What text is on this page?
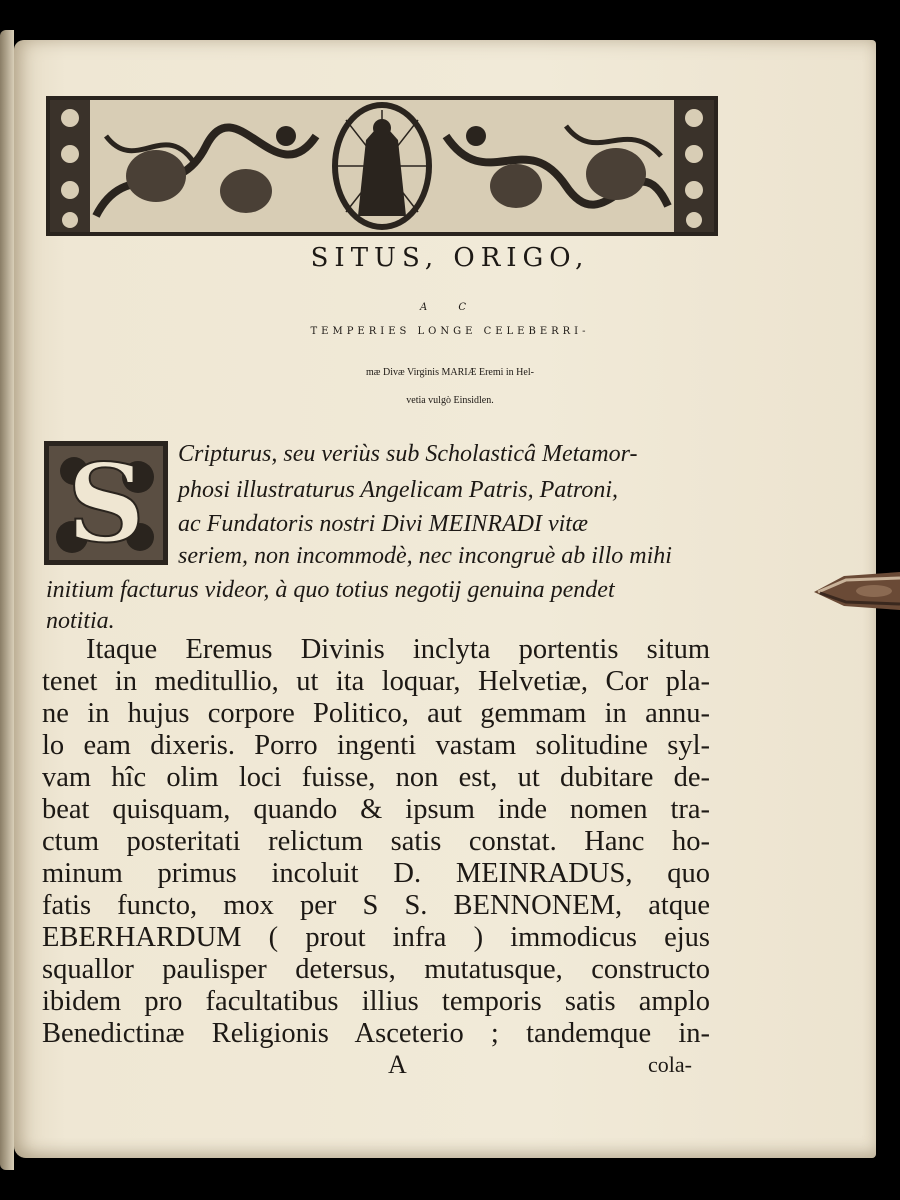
SITUS, ORIGO,
A C
TEMPERIES LONGE CELEBERRI-
mæ Divæ Virginis MARIÆ Eremi in Hel-
vetia vulgò Einsidlen.
S Cripturus, seu veriùs sub Scholasticâ Metamor-
phosi illustraturus Angelicam Patris, Patroni,
ac Fundatoris nostri Divi MEINRADI vitæ
seriem, non incommodè, nec incongruè ab illo mihi
initium facturus videor, à quo totius negotij genuina pendet
notitia.
Itaque Eremus Divinis inclyta portentis situm
tenet in meditullio, ut ita loquar, Helvetiæ, Cor pla-
ne in hujus corpore Politico, aut gemmam in annu-
lo eam dixeris. Porro ingenti vastam solitudine syl-
vam hîc olim loci fuisse, non est, ut dubitare de-
beat quisquam, quando & ipsum inde nomen tra-
ctum posteritati relictum satis constat. Hanc ho-
minum primus incoluit D. MEINRADUS, quo
fatis functo, mox per S S. BENNONEM, atque
EBERHARDUM ( prout infra ) immodicus ejus
squallor paulisper detersus, mutatusque, constructo
ibidem pro facultatibus illius temporis satis amplo
Benedictinæ Religionis Asceterio ; tandemque in-
A	cola-
